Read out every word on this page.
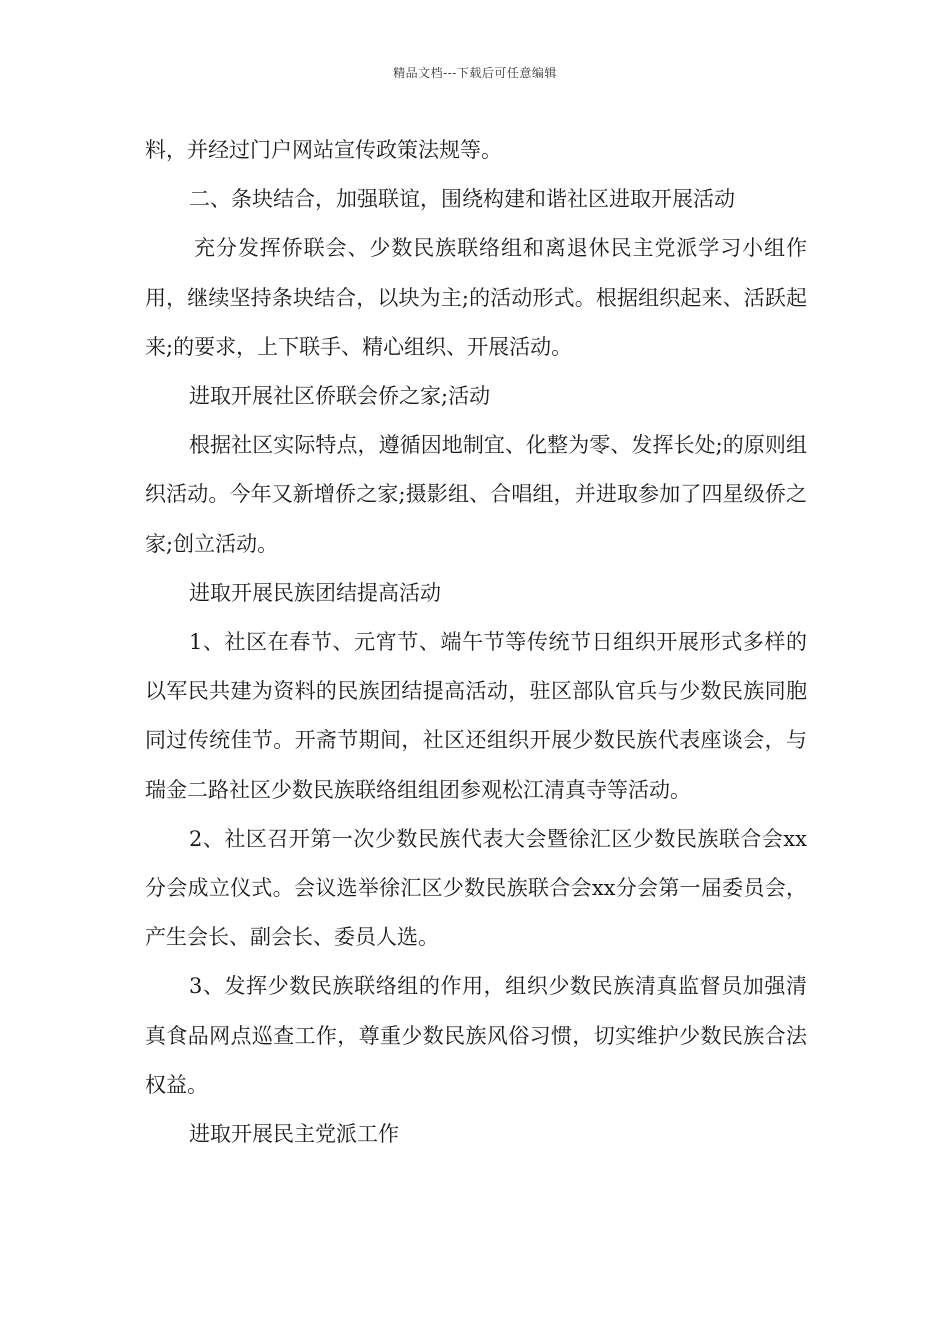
精品文档---下载后可任意编辑

料，并经过门户网站宣传政策法规等。

二、条块结合，加强联谊，围绕构建和谐社区进取开展活动

充分发挥侨联会、少数民族联络组和离退休民主党派学习小组作用，继续坚持条块结合，以块为主;的活动形式。根据组织起来、活跃起来;的要求，上下联手、精心组织、开展活动。

进取开展社区侨联会侨之家;活动

根据社区实际特点，遵循因地制宜、化整为零、发挥长处;的原则组织活动。今年又新增侨之家;摄影组、合唱组，并进取参加了四星级侨之家;创立活动。

进取开展民族团结提高活动

1、社区在春节、元宵节、端午节等传统节日组织开展形式多样的以军民共建为资料的民族团结提高活动，驻区部队官兵与少数民族同胞同过传统佳节。开斋节期间，社区还组织开展少数民族代表座谈会，与瑞金二路社区少数民族联络组组团参观松江清真寺等活动。

2、社区召开第一次少数民族代表大会暨徐汇区少数民族联合会xx分会成立仪式。会议选举徐汇区少数民族联合会xx分会第一届委员会，产生会长、副会长、委员人选。

3、发挥少数民族联络组的作用，组织少数民族清真监督员加强清真食品网点巡查工作，尊重少数民族风俗习惯，切实维护少数民族合法权益。

进取开展民主党派工作
